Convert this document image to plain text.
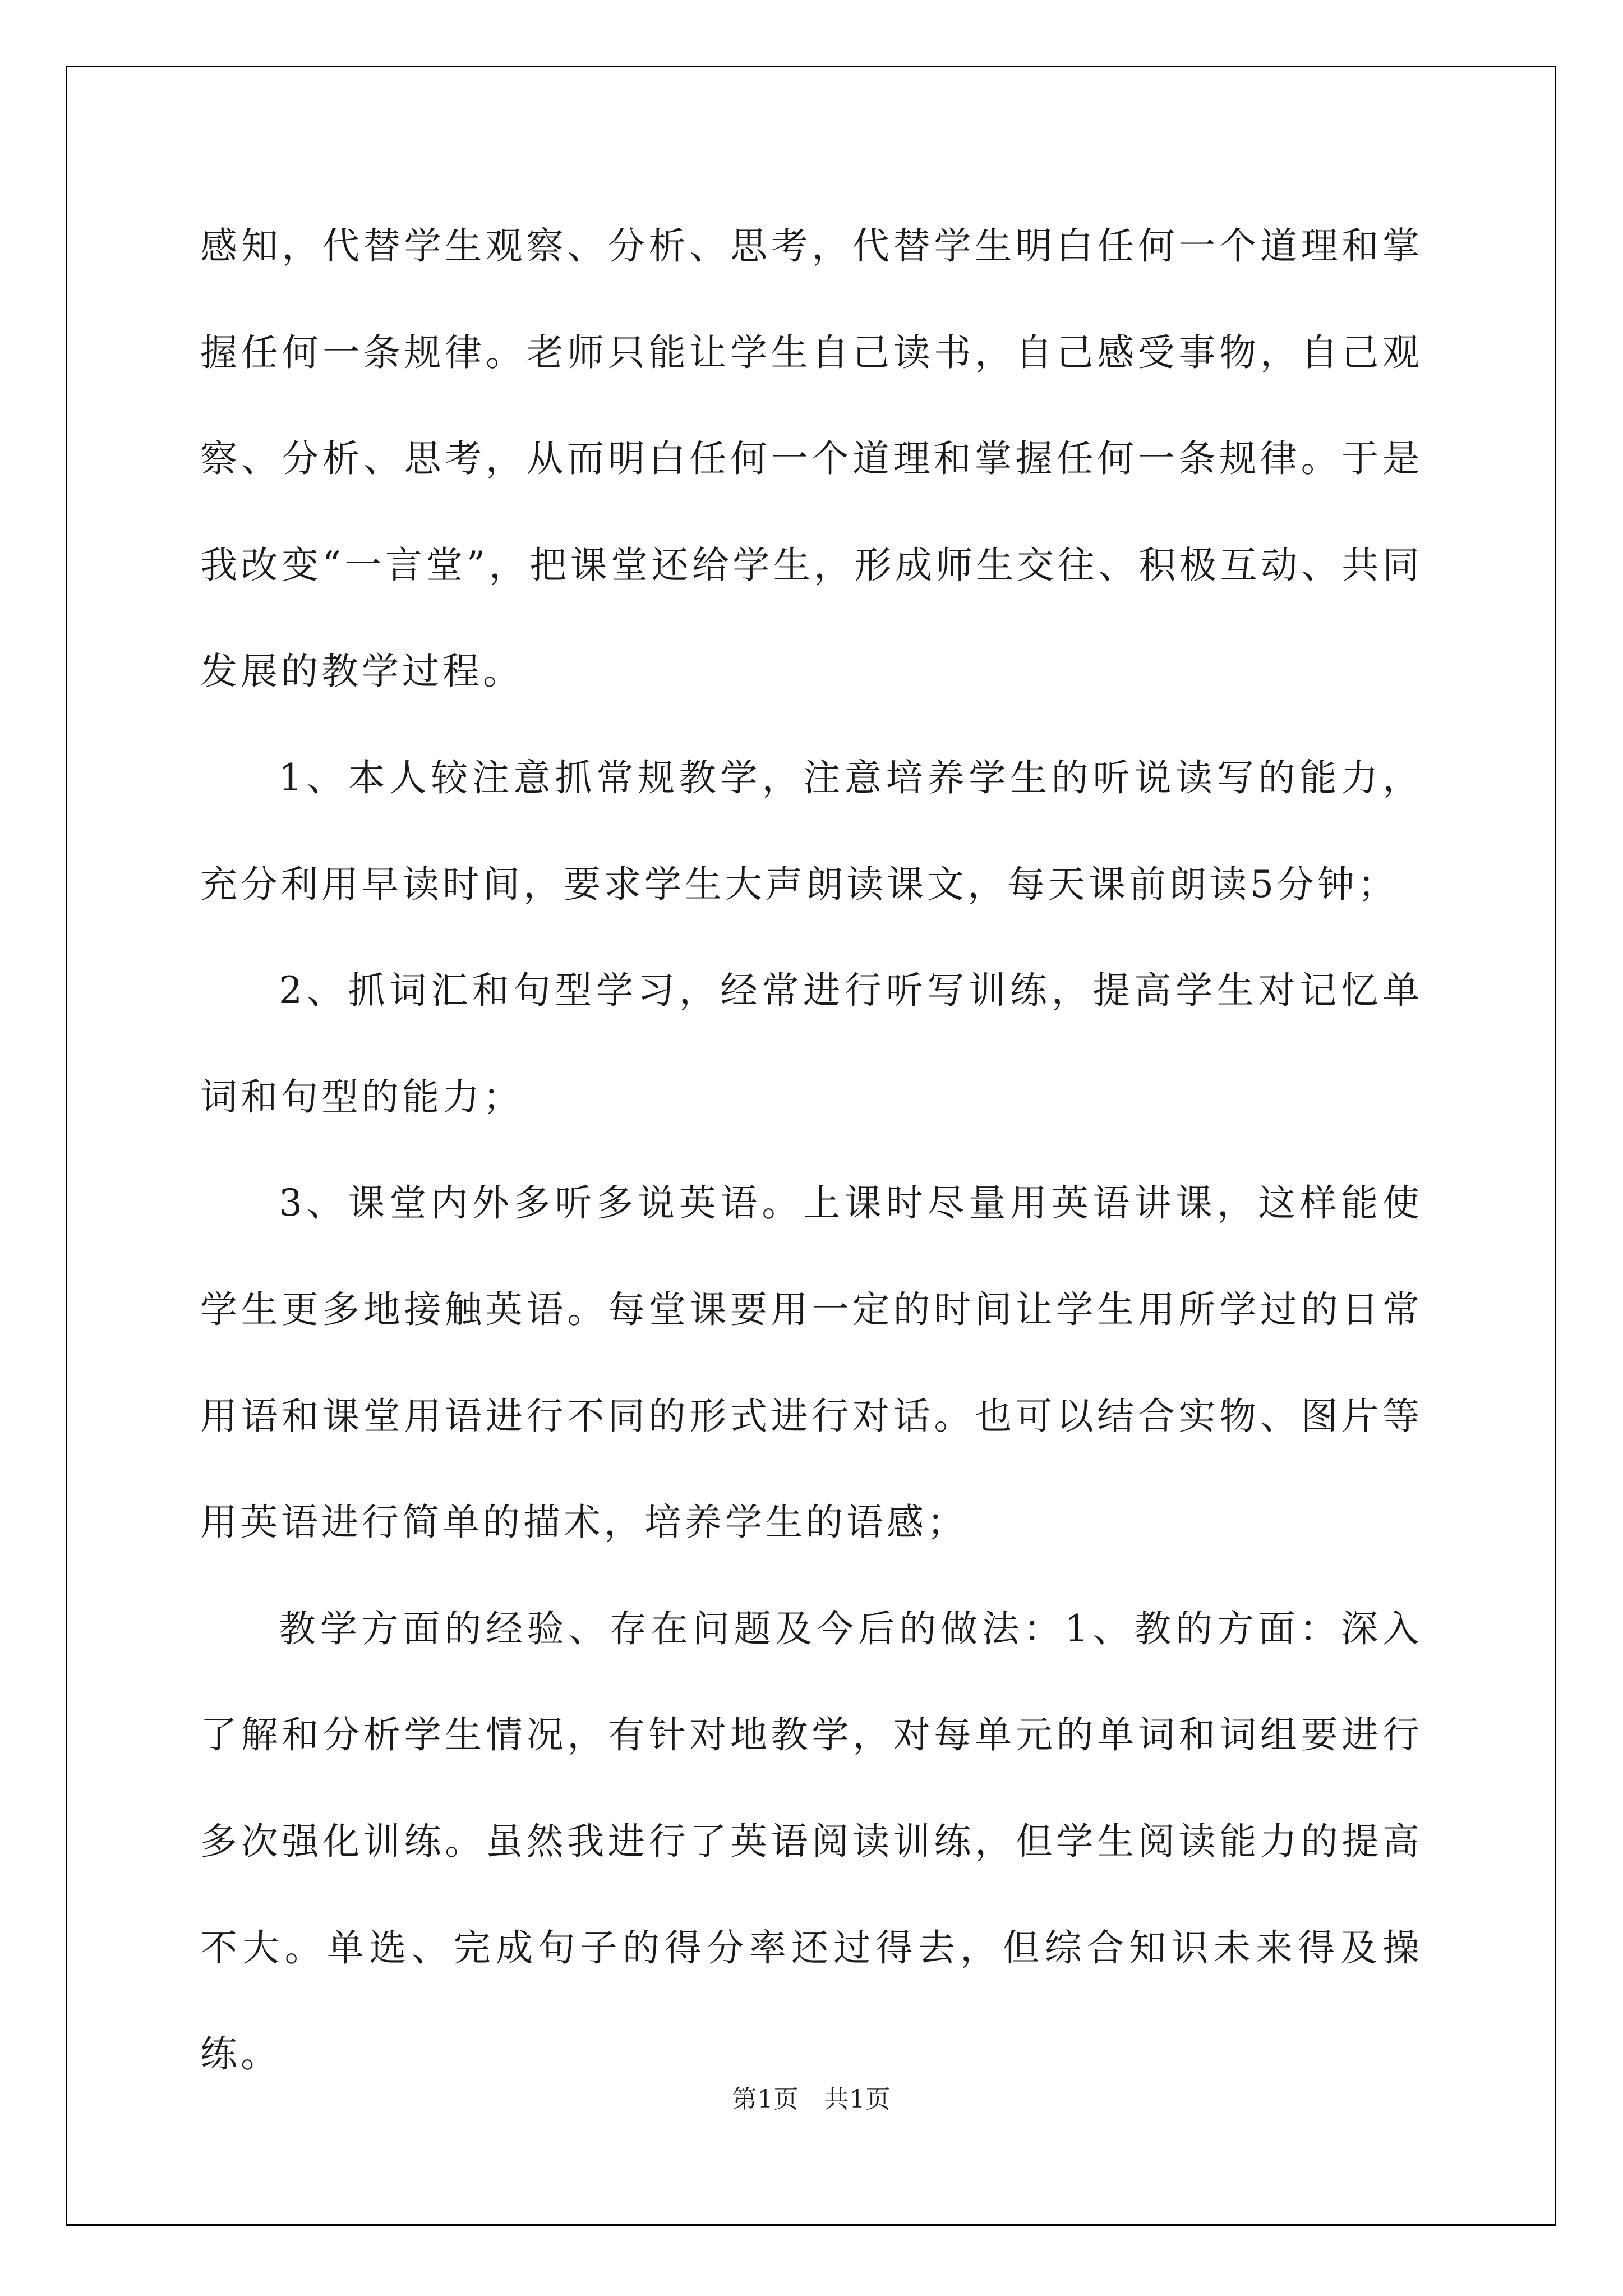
感知，代替学生观察、分析、思考，代替学生明白任何一个道理和掌握任何一条规律。老师只能让学生自己读书，自己感受事物，自己观察、分析、思考，从而明白任何一个道理和掌握任何一条规律。于是我改变“一言堂”，把课堂还给学生，形成师生交往、积极互动、共同发展的教学过程。

1、本人较注意抓常规教学，注意培养学生的听说读写的能力，充分利用早读时间，要求学生大声朗读课文，每天课前朗读5分钟；

2、抓词汇和句型学习，经常进行听写训练，提高学生对记忆单词和句型的能力；

3、课堂内外多听多说英语。上课时尽量用英语讲课，这样能使学生更多地接触英语。每堂课要用一定的时间让学生用所学过的日常用语和课堂用语进行不同的形式进行对话。也可以结合实物、图片等用英语进行简单的描术，培养学生的语感；

教学方面的经验、存在问题及今后的做法：1、教的方面：深入了解和分析学生情况，有针对地教学，对每单元的单词和词组要进行多次强化训练。虽然我进行了英语阅读训练，但学生阅读能力的提高不大。单选、完成句子的得分率还过得去，但综合知识未来得及操练。

第1页   共1页
